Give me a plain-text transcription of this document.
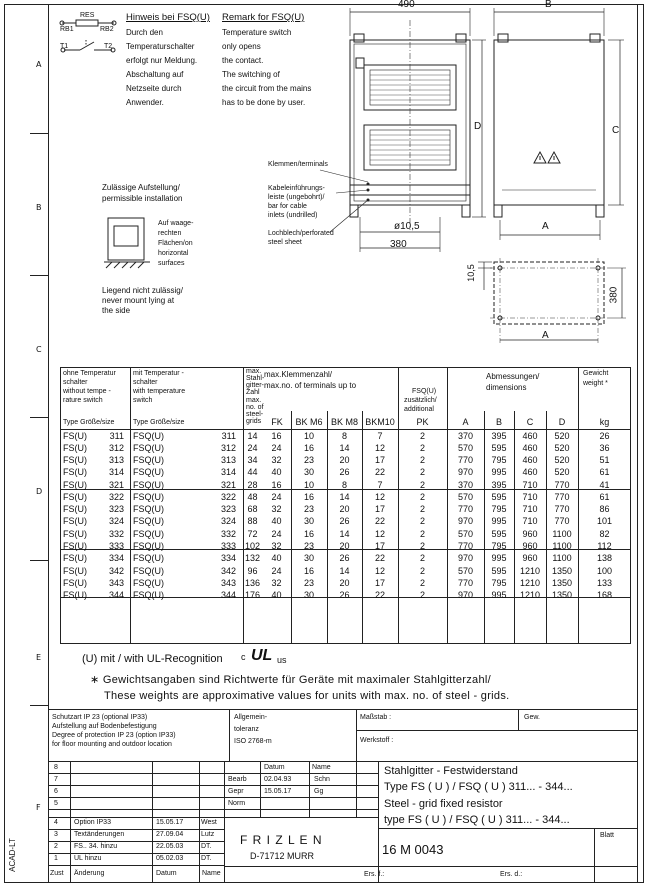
A
B
C
D
E
F
ACAD-LT
RES
RB1	RB2
T1	T2
Hinweis bei FSQ(U)
Durch den
Temperaturschalter
erfolgt nur Meldung.
Abschaltung auf
Netzseite durch
Anwender.
Remark for FSQ(U)
Temperature switch
only opens
the contact.
The switching of
the circuit from the mains
has to be done by user.
Zulässige Aufstellung/
permissible installation
Auf waage-
rechten
Flächen/on
horizontal
surfaces
Liegend nicht zulässig/
never mount lying at
the side
490	B
D	C
A
A
380
380
10,5
ø10,5
Klemmen/terminals
Kabeleinführungs-
leiste (ungebohrt)/
bar for cable
inlets (undrilled)
Lochblech/perforated
steel sheet
ohne Temperatur
schalter
without tempe -
rature switch
Type Größe/size
mit Temperatur -
schalter
with temperature
switch
Type Größe/size
max.
Stahl-
gitter-
Zahl
max.
no. of
steel-
grids
max.Klemmenzahl/
max.no. of terminals up to
FSQ(U)
zusätzlich/
additional
Abmessungen/
dimensions
Gewicht
weight *
FK	BK M6 BK M8 BKM10	PK	A	B	C	D	kg
FS(U)	311 FSQ(U)	311	14	16	10	8	7	2	370	395	460	520	26
FS(U)	312 FSQ(U)	312	24	24	16	14	12	2	570	595	460	520	36
FS(U)	313 FSQ(U)	313	34	32	23	20	17	2	770	795	460	520	51
FS(U)	314 FSQ(U)	314	44	40	30	26	22	2	970	995	460	520	61
FS(U)	321 FSQ(U)	321	28	16	10	8	7	2	370	395	710	770	41
FS(U)	322 FSQ(U)	322	48	24	16	14	12	2	570	595	710	770	61
FS(U)	323 FSQ(U)	323	68	32	23	20	17	2	770	795	710	770	86
FS(U)	324 FSQ(U)	324	88	40	30	26	22	2	970	995	710	770	101
FS(U)	332 FSQ(U)	332	72	24	16	14	12	2	570	595	960	1100	82
FS(U)	333 FSQ(U)	333 102	32	23	20	17	2	770	795	960	1100	112
FS(U)	334 FSQ(U)	334 132	40	30	26	22	2	970	995	960	1100	138
FS(U)	342 FSQ(U)	342	96	24	16	14	12	2	570	595	1210	1350	100
FS(U)	343 FSQ(U)	343 136	32	23	20	17	2	770	795	1210	1350	133
FS(U)	344 FSQ(U)	344 176	40	30	26	22	2	970	995	1210	1350	168
(U) mit / with UL-Recognition c UL us
∗ Gewichtsangaben sind Richtwerte für Geräte mit maximaler Stahlgitterzahl/
These weights are approximative values for units with max. no. of steel - grids.
Schutzart IP 23 (optional IP33)
Aufstellung auf Bodenbefestigung
Degree of protection IP 23 (option IP33)
for floor mounting and outdoor location
Allgemein-
toleranz
ISO 2768-m
Maßstab :	Gew.
Werkstoff :
8
7
6
5
Datum	Name
Bearb 02.04.93	Schn
Gepr	15.05.17	Gg
Norm
4 Option IP33	15.05.17	West
3 Textänderungen	27.09.04	Lutz
2 FS.. 34. hinzu	22.05.03	DT.
1 UL hinzu	05.02.03	DT.
Zust Änderung	Datum	Name
F R I Z L E N
D-71712 MURR
Stahlgitter - Festwiderstand
Type FS ( U ) / FSQ ( U ) 311... - 344...
Steel - grid fixed resistor
type FS ( U ) / FSQ ( U ) 311... - 344...
16 M 0043
Blatt
Ers. f.:	Ers. d.:
